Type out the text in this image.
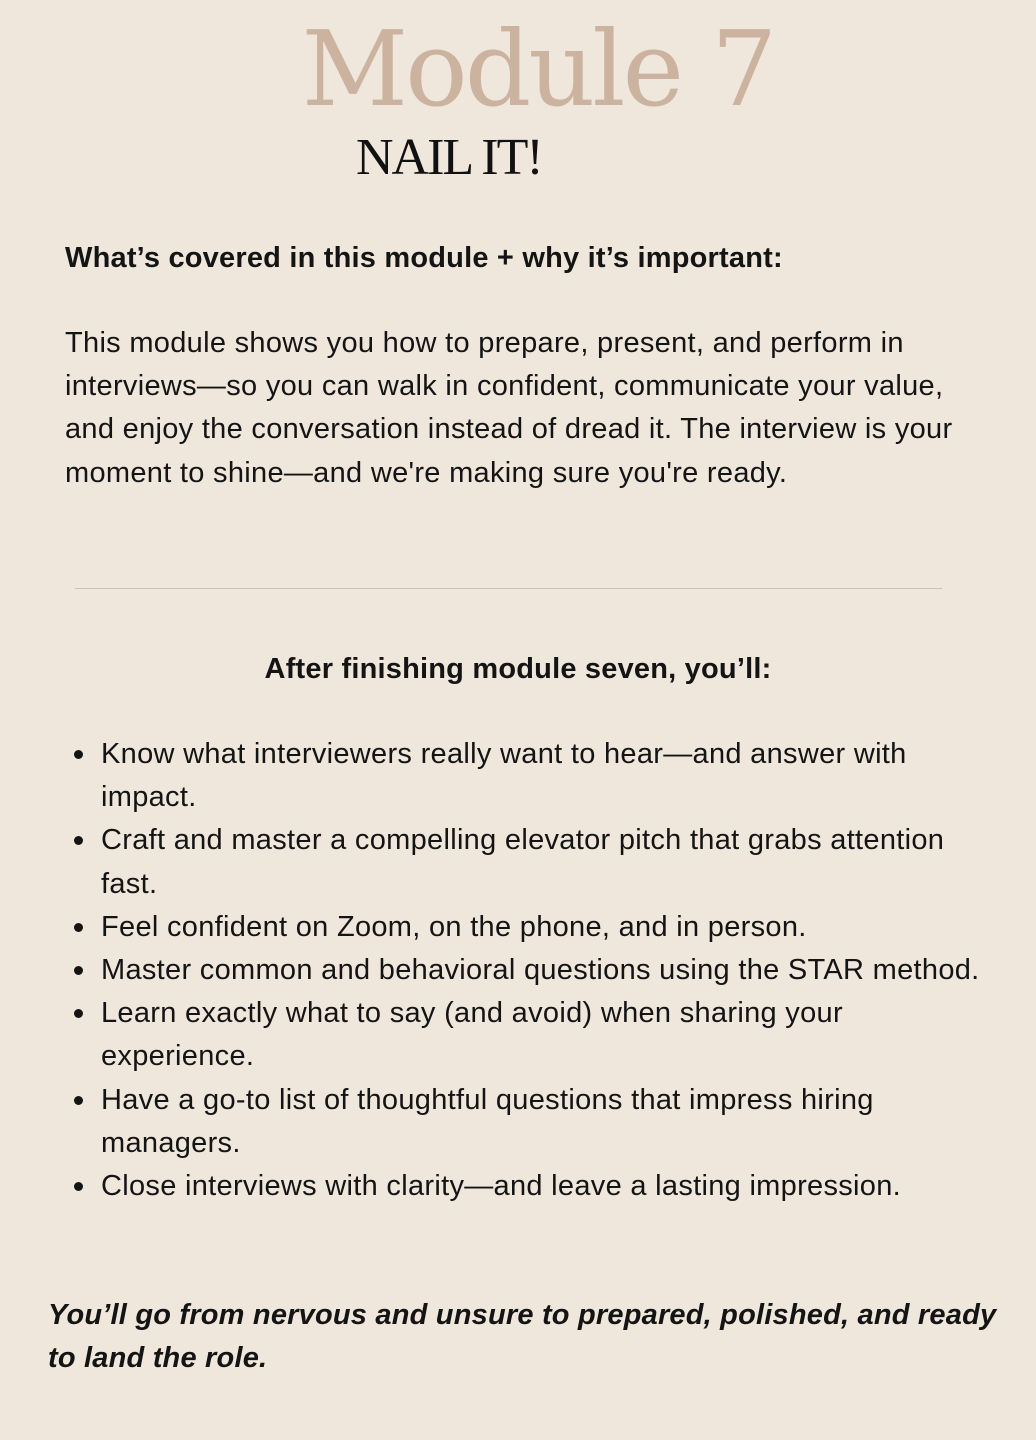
Module 7
NAIL IT!
What’s covered in this module + why it’s important:

This module shows you how to prepare, present, and perform in interviews—so you can walk in confident, communicate your value, and enjoy the conversation instead of dread it. The interview is your moment to shine—and we're making sure you're ready.

After finishing module seven, you’ll:
Know what interviewers really want to hear—and answer with impact.
Craft and master a compelling elevator pitch that grabs attention fast.
Feel confident on Zoom, on the phone, and in person.
Master common and behavioral questions using the STAR method.
Learn exactly what to say (and avoid) when sharing your experience.
Have a go-to list of thoughtful questions that impress hiring managers.
Close interviews with clarity—and leave a lasting impression.

You’ll go from nervous and unsure to prepared, polished, and ready to land the role.
